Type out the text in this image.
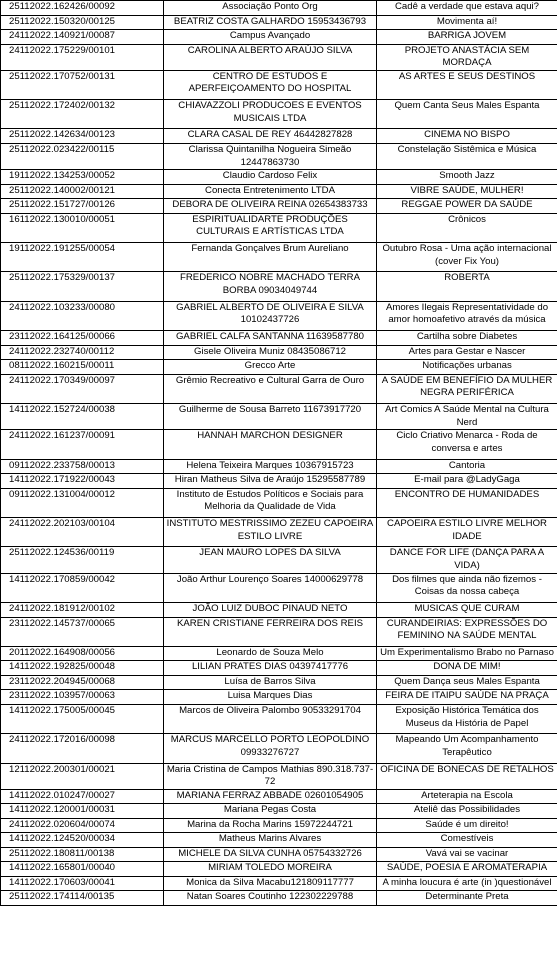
25112022.162426/00092	Associação Ponto Org	Cadê a verdade que estava aqui?
25112022.150320/00125	BEATRIZ COSTA GALHARDO 15953436793	Movimenta aí!
24112022.140921/00087	Campus Avançado	BARRIGA JOVEM
24112022.175229/00101	CAROLINA ALBERTO ARAÚJO SILVA	PROJETO ANASTÁCIA SEM MORDAÇA
25112022.170752/00131	CENTRO DE ESTUDOS E APERFEIÇOAMENTO DO HOSPITAL	AS ARTES E SEUS DESTINOS
25112022.172402/00132	CHIAVAZZOLI PRODUCOES E EVENTOS MUSICAIS LTDA	Quem Canta Seus Males Espanta
25112022.142634/00123	CLARA CASAL DE REY 46442827828	CINEMA NO BISPO
25112022.023422/00115	Clarissa Quintanilha Nogueira Simeão 12447863730	Constelação Sistêmica e Música
19112022.134253/00052	Claudio Cardoso Felix	Smooth Jazz
25112022.140002/00121	Conecta Entretenimento LTDA	VIBRE SAÚDE, MULHER!
25112022.151727/00126	DEBORA DE OLIVEIRA REINA 02654383733	REGGAE POWER DA SAÚDE
16112022.130010/00051	ESPIRITUALIDARTE PRODUÇÕES CULTURAIS E ARTÍSTICAS LTDA	Crônicos
19112022.191255/00054	Fernanda Gonçalves Brum Aureliano	Outubro Rosa - Uma ação internacional (cover Fix You)
25112022.175329/00137	FREDERICO NOBRE MACHADO TERRA BORBA 09034049744	ROBERTA
24112022.103233/00080	GABRIEL ALBERTO DE OLIVEIRA E SILVA 10102437726	Amores Ilegais Representatividade do amor homoafetivo através da música
23112022.164125/00066	GABRIEL CALFA SANTANNA 11639587780	Cartilha sobre Diabetes
24112022.232740/00112	Gisele Oliveira Muniz 08435086712	Artes para Gestar e Nascer
08112022.160215/00011	Grecco Arte	Notificações urbanas
24112022.170349/00097	Grêmio Recreativo e Cultural Garra de Ouro	A SAÚDE EM BENEFÍFIO DA MULHER NEGRA PERIFÉRICA
14112022.152724/00038	Guilherme de Sousa Barreto 11673917720	Art Comics A Saúde Mental na Cultura Nerd
24112022.161237/00091	HANNAH MARCHON DESIGNER	Ciclo Criativo Menarca - Roda de conversa e artes
09112022.233758/00013	Helena Teixeira Marques 10367915723	Cantoria
14112022.171922/00043	Hiran Matheus Silva de Araújo 15295587789	E-mail para @LadyGaga
09112022.131004/00012	Instituto de Estudos Políticos e Sociais para Melhoria da Qualidade de Vida	ENCONTRO DE HUMANIDADES
24112022.202103/00104	INSTITUTO MESTRISSIMO ZEZEU CAPOEIRA ESTILO LIVRE	CAPOEIRA ESTILO LIVRE MELHOR IDADE
25112022.124536/00119	JEAN MAURO LOPES DA SILVA	DANCE FOR LIFE (DANÇA PARA A VIDA)
14112022.170859/00042	João Arthur Lourenço Soares 14000629778	Dos filmes que ainda não fizemos - Coisas da nossa cabeça
24112022.181912/00102	JOÃO LUIZ DUBOC PINAUD NETO	MUSICAS QUE CURAM
23112022.145737/00065	KAREN CRISTIANE FERREIRA DOS REIS	CURANDEIRIAS: EXPRESSÕES DO FEMININO NA SAÚDE MENTAL
20112022.164908/00056	Leonardo de Souza Melo	Um Experimentalismo Brabo no Parnaso
14112022.192825/00048	LILIAN PRATES DIAS 04397417776	DONA DE MIM!
23112022.204945/00068	Luísa de Barros Silva	Quem Dança seus Males Espanta
23112022.103957/00063	Luisa Marques Dias	FEIRA DE ITAIPU SAÚDE NA PRAÇA
14112022.175005/00045	Marcos de Oliveira Palombo 90533291704	Exposição Histórica Temática dos Museus da História de Papel
24112022.172016/00098	MARCUS MARCELLO PORTO LEOPOLDINO 09933276727	Mapeando Um Acompanhamento Terapêutico
12112022.200301/00021	Maria Cristina de Campos Mathias 890.318.737-72	OFICINA DE BONECAS DE RETALHOS
14112022.010247/00027	MARIANA FERRAZ ABBADE 02601054905	Arteterapia na Escola
14112022.120001/00031	Mariana Pegas Costa	Ateliê das Possibilidades
24112022.020604/00074	Marina da Rocha Marins 15972244721	Saúde é um direito!
14112022.124520/00034	Matheus Marins Alvares	Comestíveis
25112022.180811/00138	MICHELE DA SILVA CUNHA 05754332726	Vavá vai se vacinar
14112022.165801/00040	MIRIAM TOLEDO MOREIRA	SAÚDE, POESIA E AROMATERAPIA
14112022.170603/00041	Monica da Silva Macabu121809117777	A minha loucura é arte (in )questionável
25112022.174114/00135	Natan Soares Coutinho 122302229788	Determinante Preta
